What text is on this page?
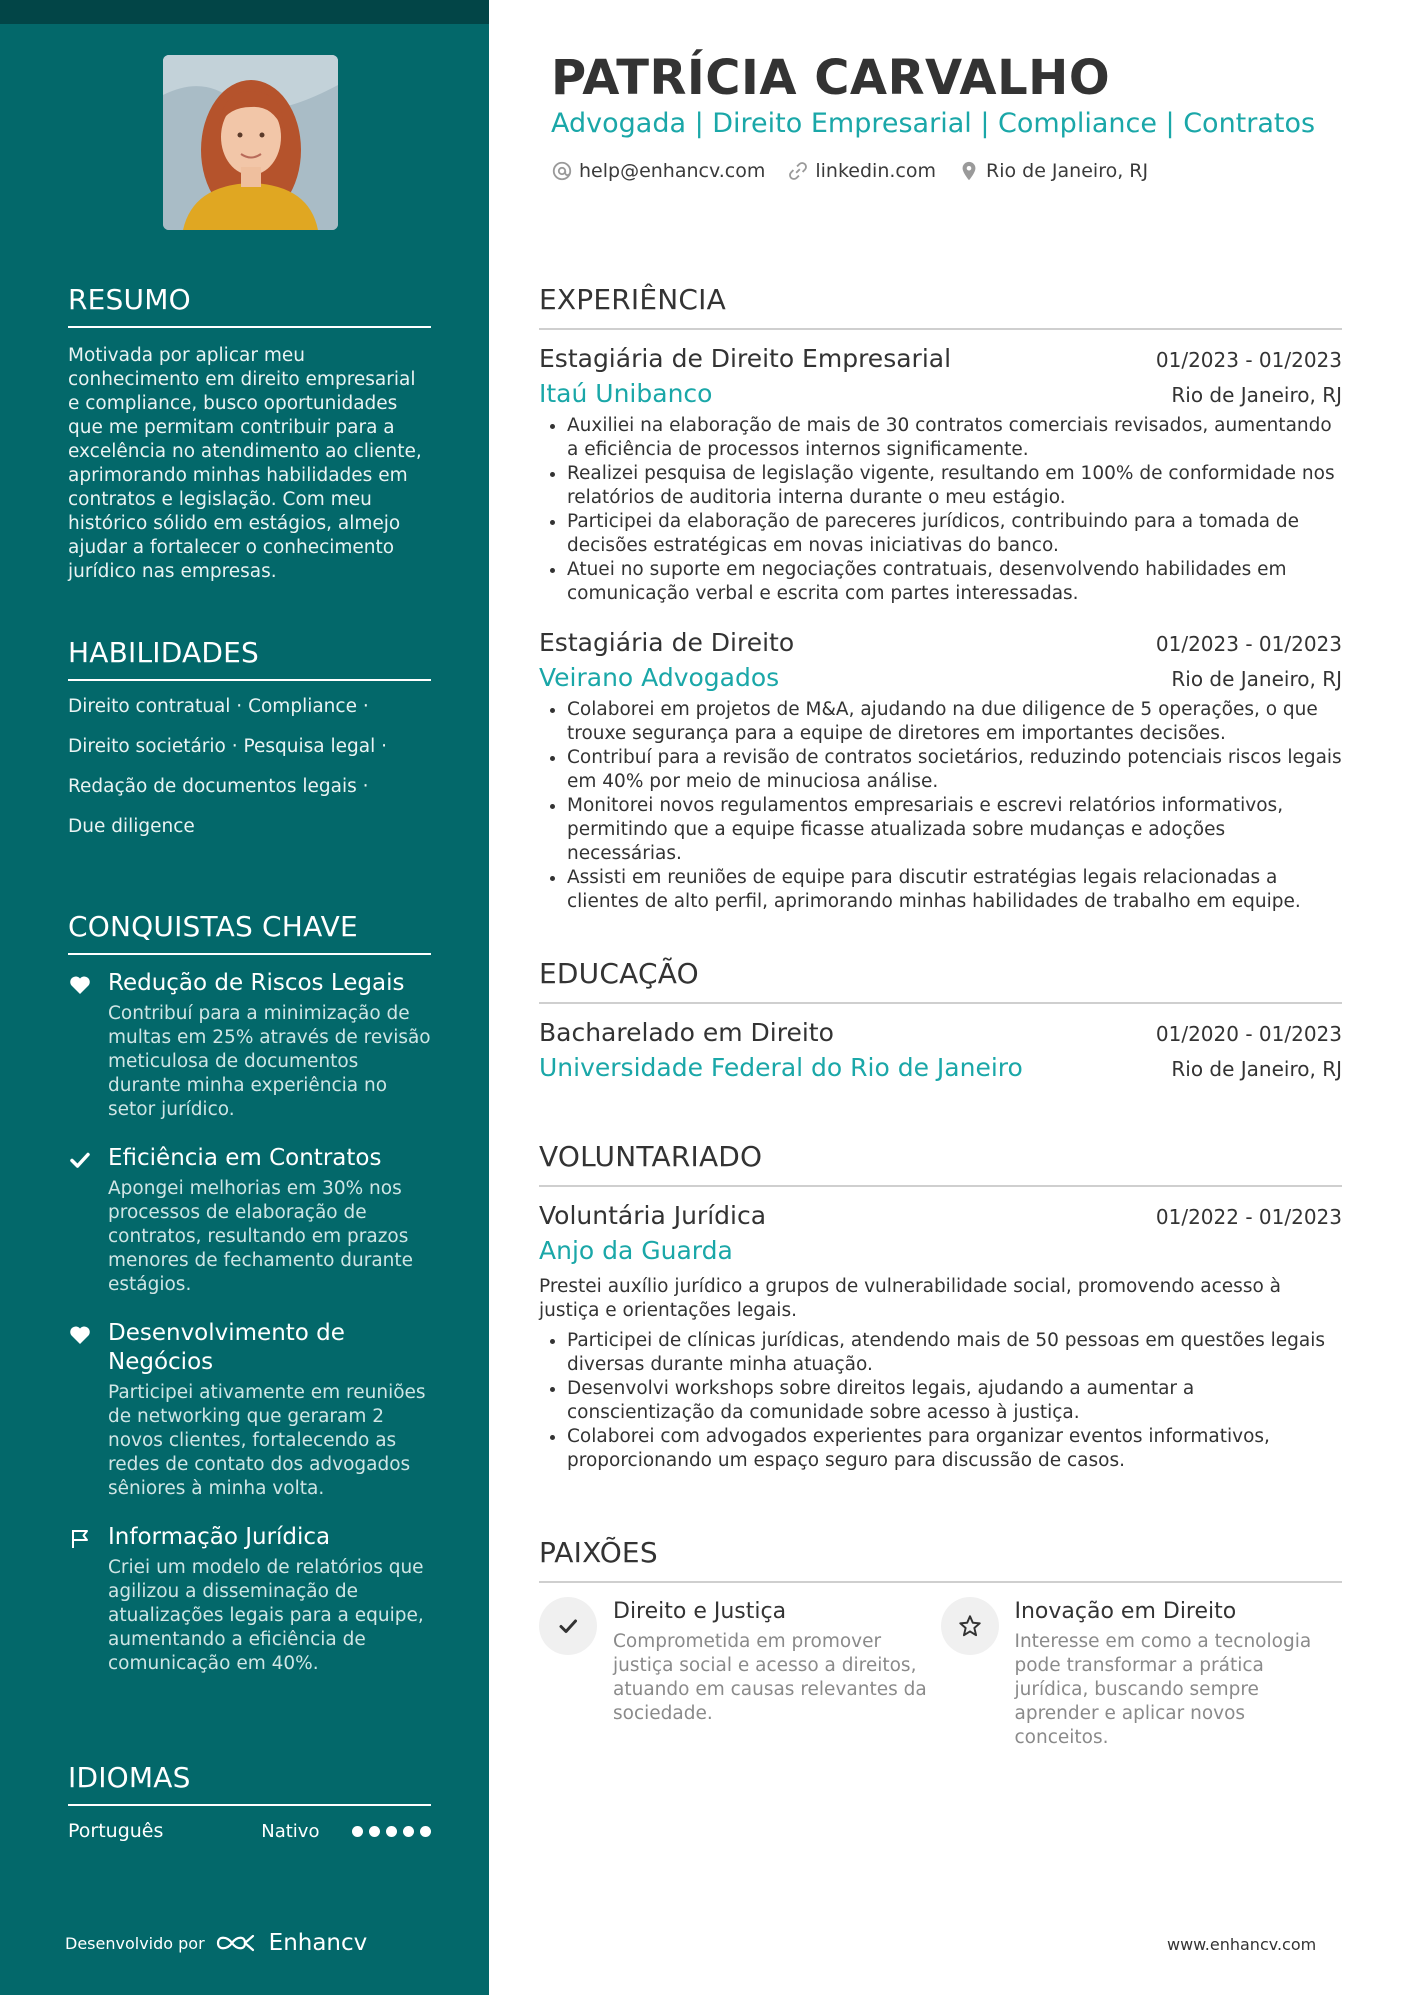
RESUMO
Motivada por aplicar meu conhecimento em direito empresarial e compliance, busco oportunidades que me permitam contribuir para a excelência no atendimento ao cliente, aprimorando minhas habilidades em contratos e legislação. Com meu histórico sólido em estágios, almejo ajudar a fortalecer o conhecimento jurídico nas empresas.
HABILIDADES
Direito contratual · Compliance ·
Direito societário · Pesquisa legal ·
Redação de documentos legais ·
Due diligence
CONQUISTAS CHAVE
Redução de Riscos Legais
Contribuí para a minimização de multas em 25% através de revisão meticulosa de documentos durante minha experiência no setor jurídico.
Eficiência em Contratos
Apongei melhorias em 30% nos processos de elaboração de contratos, resultando em prazos menores de fechamento durante estágios.
Desenvolvimento de Negócios
Participei ativamente em reuniões de networking que geraram 2 novos clientes, fortalecendo as redes de contato dos advogados sêniores à minha volta.
Informação Jurídica
Criei um modelo de relatórios que agilizou a disseminação de atualizações legais para a equipe, aumentando a eficiência de comunicação em 40%.
IDIOMAS
Português	Nativo
Desenvolvido por	Enhancv
PATRÍCIA CARVALHO
Advogada | Direito Empresarial | Compliance | Contratos
help@enhancv.com	linkedin.com	Rio de Janeiro, RJ
EXPERIÊNCIA
Estagiária de Direito Empresarial	01/2023 - 01/2023
Itaú Unibanco	Rio de Janeiro, RJ
• Auxiliei na elaboração de mais de 30 contratos comerciais revisados, aumentando a eficiência de processos internos significamente.
• Realizei pesquisa de legislação vigente, resultando em 100% de conformidade nos relatórios de auditoria interna durante o meu estágio.
• Participei da elaboração de pareceres jurídicos, contribuindo para a tomada de decisões estratégicas em novas iniciativas do banco.
• Atuei no suporte em negociações contratuais, desenvolvendo habilidades em comunicação verbal e escrita com partes interessadas.
Estagiária de Direito	01/2023 - 01/2023
Veirano Advogados	Rio de Janeiro, RJ
• Colaborei em projetos de M&A, ajudando na due diligence de 5 operações, o que trouxe segurança para a equipe de diretores em importantes decisões.
• Contribuí para a revisão de contratos societários, reduzindo potenciais riscos legais em 40% por meio de minuciosa análise.
• Monitorei novos regulamentos empresariais e escrevi relatórios informativos, permitindo que a equipe ficasse atualizada sobre mudanças e adoções necessárias.
• Assisti em reuniões de equipe para discutir estratégias legais relacionadas a clientes de alto perfil, aprimorando minhas habilidades de trabalho em equipe.
EDUCAÇÃO
Bacharelado em Direito	01/2020 - 01/2023
Universidade Federal do Rio de Janeiro	Rio de Janeiro, RJ
VOLUNTARIADO
Voluntária Jurídica	01/2022 - 01/2023
Anjo da Guarda
Prestei auxílio jurídico a grupos de vulnerabilidade social, promovendo acesso à justiça e orientações legais.
• Participei de clínicas jurídicas, atendendo mais de 50 pessoas em questões legais diversas durante minha atuação.
• Desenvolvi workshops sobre direitos legais, ajudando a aumentar a conscientização da comunidade sobre acesso à justiça.
• Colaborei com advogados experientes para organizar eventos informativos, proporcionando um espaço seguro para discussão de casos.
PAIXÕES
Direito e Justiça
Comprometida em promover justiça social e acesso a direitos, atuando em causas relevantes da sociedade.
Inovação em Direito
Interesse em como a tecnologia pode transformar a prática jurídica, buscando sempre aprender e aplicar novos conceitos.
www.enhancv.com
